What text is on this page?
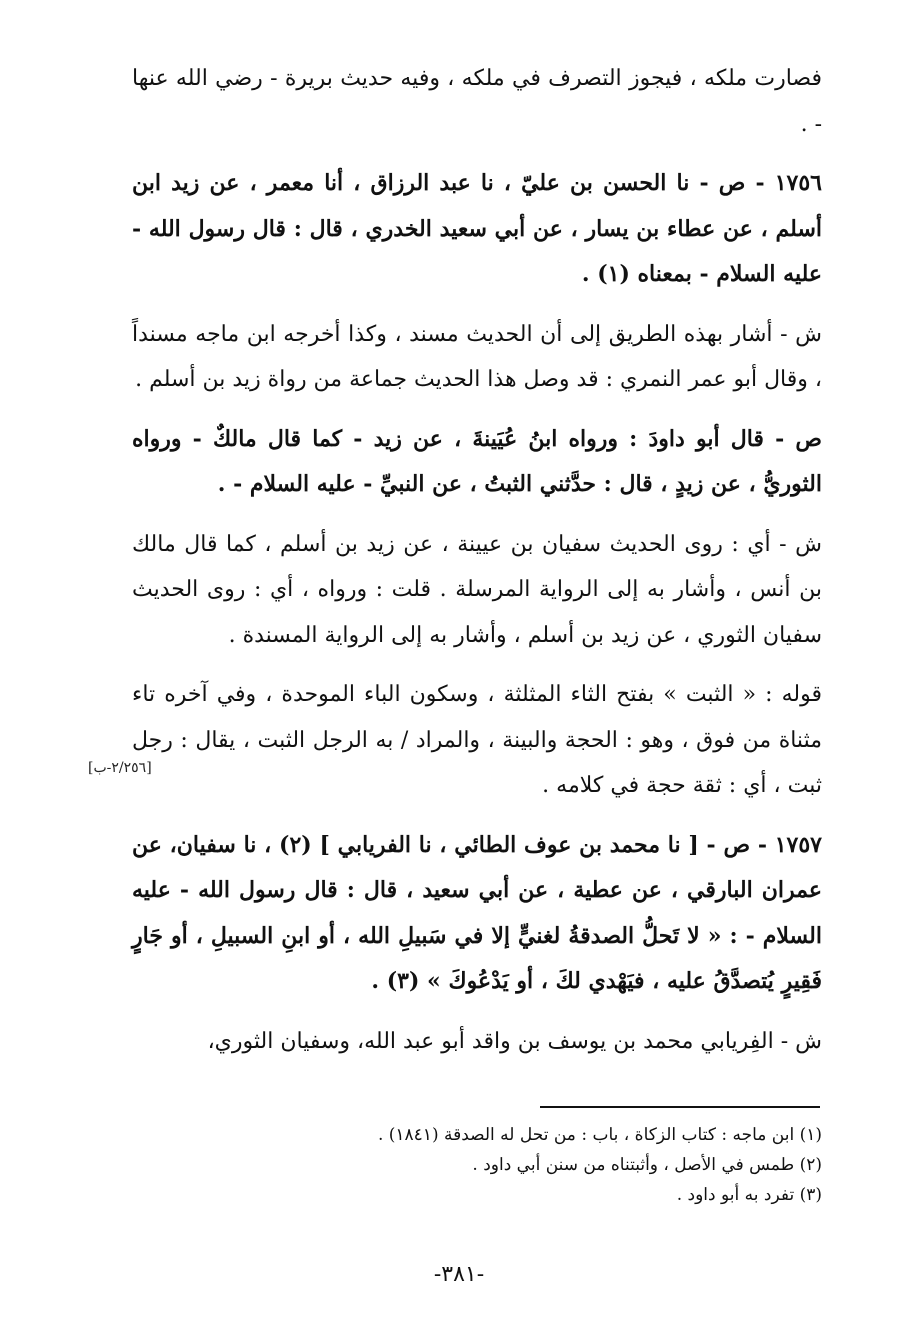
فصارت ملكه ، فيجوز التصرف في ملكه ، وفيه حديث بريرة - رضي الله عنها - .

١٧٥٦ - ص - نا الحسن بن عليّ ، نا عبد الرزاق ، أنا معمر ، عن زيد ابن أسلم ، عن عطاء بن يسار ، عن أبي سعيد الخدري ، قال : قال رسول الله - عليه السلام - بمعناه (١) .

ش - أشار بهذه الطريق إلى أن الحديث مسند ، وكذا أخرجه ابن ماجه مسنداً ، وقال أبو عمر النمري : قد وصل هذا الحديث جماعة من رواة زيد بن أسلم .

ص - قال أبو داودَ : ورواه ابنُ عُيَينةَ ، عن زيد - كما قال مالكٌ - ورواه الثوريُّ ، عن زيدٍ ، قال : حدَّثني الثبتُ ، عن النبيِّ - عليه السلام - .

ش - أي : روى الحديث سفيان بن عيينة ، عن زيد بن أسلم ، كما قال مالك بن أنس ، وأشار به إلى الرواية المرسلة . قلت : ورواه ، أي : روى الحديث سفيان الثوري ، عن زيد بن أسلم ، وأشار به إلى الرواية المسندة .

قوله : « الثبت » بفتح الثاء المثلثة ، وسكون الباء الموحدة ، وفي آخره تاء مثناة من فوق ، وهو : الحجة والبينة ، والمراد / به الرجل الثبت ، يقال : رجل ثبت ، أي : ثقة حجة في كلامه .

١٧٥٧ - ص - [ نا محمد بن عوف الطائي ، نا الفريابي ] (٢) ، نا سفيان، عن عمران البارقي ، عن عطية ، عن أبي سعيد ، قال : قال رسول الله - عليه السلام - : « لا تَحلُّ الصدقةُ لغنيٍّ إلا في سَبيلِ الله ، أو ابنِ السبيلِ ، أو جَارٍ فَقِيرٍ يُتصدَّقُ عليه ، فيَهْدي لكَ ، أو يَدْعُوكَ » (٣) .

ش - الفِريابي محمد بن يوسف بن واقد أبو عبد الله، وسفيان الثوري،

[٢/٢٥٦-ب]

(١) ابن ماجه : كتاب الزكاة ، باب : من تحل له الصدقة (١٨٤١) .

(٢) طمس في الأصل ، وأثبتناه من سنن أبي داود .

(٣) تفرد به أبو داود .

-٣٨١-
